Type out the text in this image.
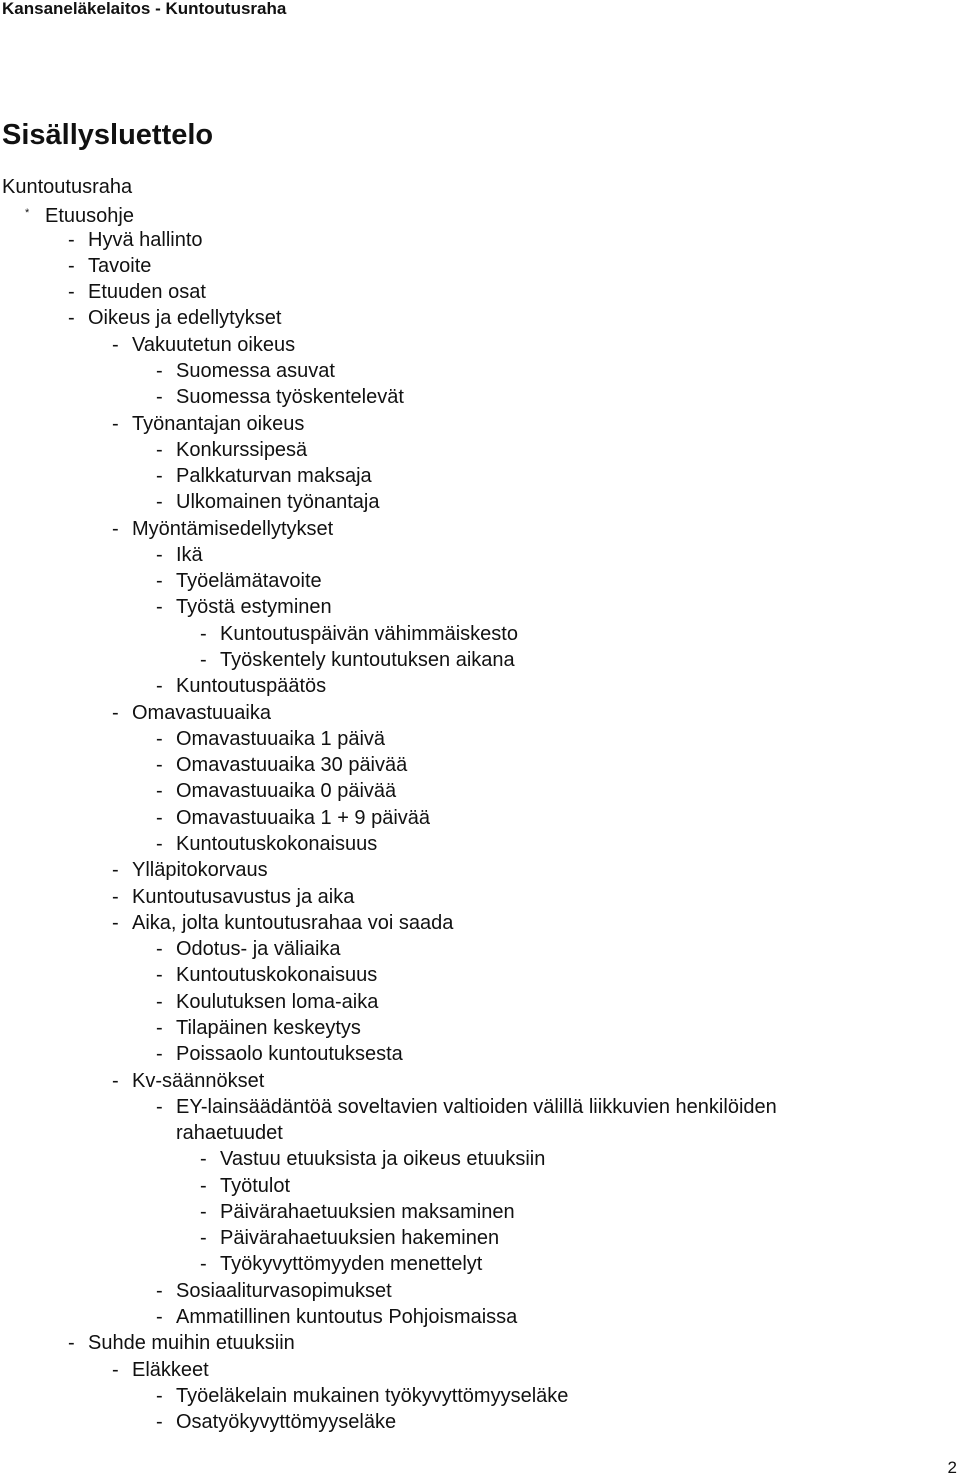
Kansaneläkelaitos - Kuntoutusraha
Sisällysluettelo
Kuntoutusraha
* Etuusohje
- Hyvä hallinto
- Tavoite
- Etuuden osat
- Oikeus ja edellytykset
- Vakuutetun oikeus
- Suomessa asuvat
- Suomessa työskentelevät
- Työnantajan oikeus
- Konkurssipesä
- Palkkaturvan maksaja
- Ulkomainen työnantaja
- Myöntämisedellytykset
- Ikä
- Työelämätavoite
- Työstä estyminen
- Kuntoutuspäivän vähimmäiskesto
- Työskentely kuntoutuksen aikana
- Kuntoutuspäätös
- Omavastuuaika
- Omavastuuaika 1 päivä
- Omavastuuaika 30 päivää
- Omavastuuaika 0 päivää
- Omavastuuaika 1 + 9 päivää
- Kuntoutuskokonaisuus
- Ylläpitokorvaus
- Kuntoutusavustus ja aika
- Aika, jolta kuntoutusrahaa voi saada
- Odotus- ja väliaika
- Kuntoutuskokonaisuus
- Koulutuksen loma-aika
- Tilapäinen keskeytys
- Poissaolo kuntoutuksesta
- Kv-säännökset
- EY-lainsäädäntöä soveltavien valtioiden välillä liikkuvien henkilöiden
rahaetuudet
- Vastuu etuuksista ja oikeus etuuksiin
- Työtulot
- Päivärahaetuuksien maksaminen
- Päivärahaetuuksien hakeminen
- Työkyvyttömyyden menettelyt
- Sosiaaliturvasopimukset
- Ammatillinen kuntoutus Pohjoismaissa
- Suhde muihin etuuksiin
- Eläkkeet
- Työeläkelain mukainen työkyvyttömyyseläke
- Osatyökyvyttömyyseläke
2
